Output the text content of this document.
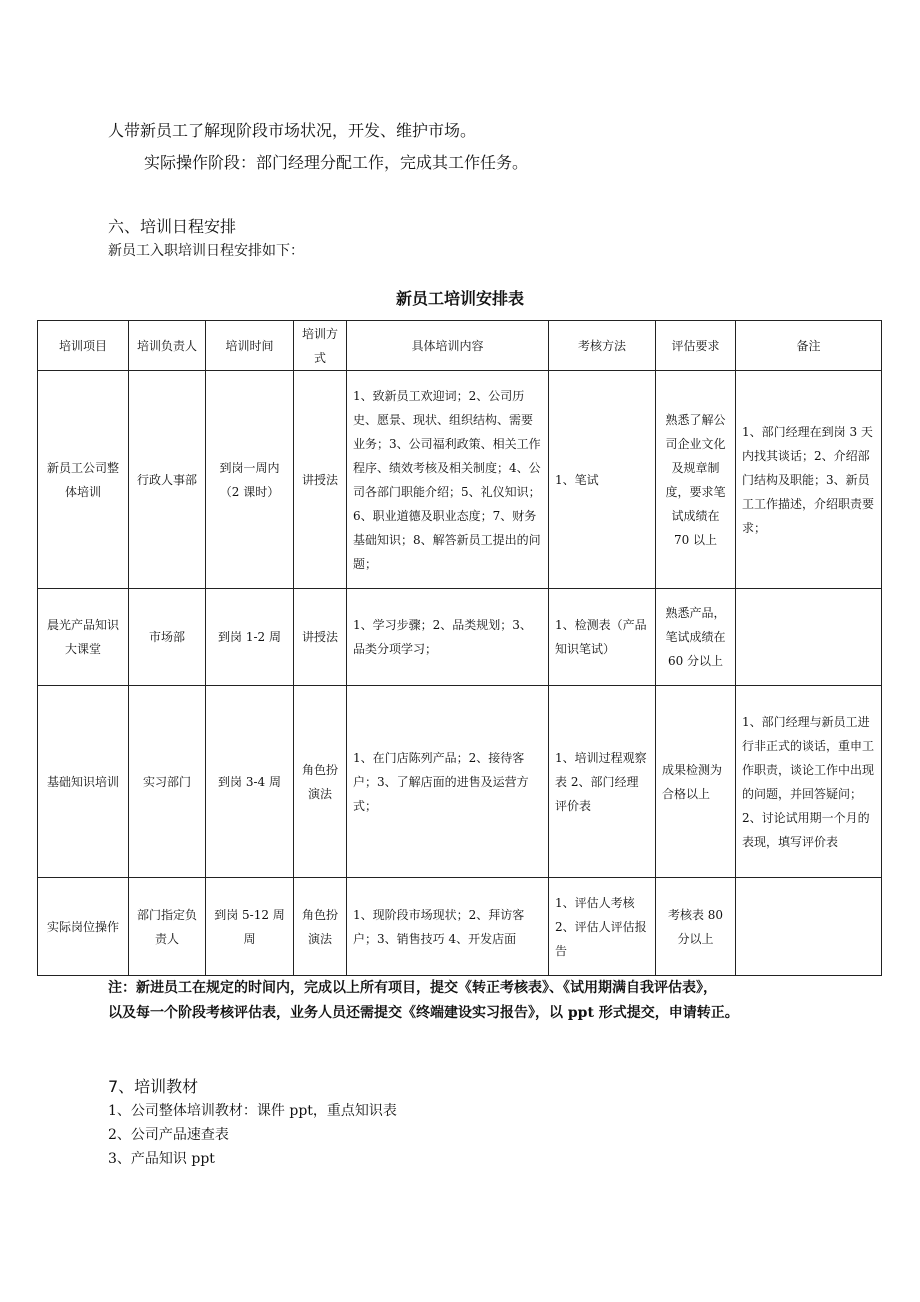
人带新员工了解现阶段市场状况，开发、维护市场。
实际操作阶段：部门经理分配工作，完成其工作任务。
六、培训日程安排
新员工入职培训日程安排如下：
新员工培训安排表
培训项目	培训负责人	培训时间	培训方式	具体培训内容	考核方法	评估要求	备注
新员工公司整体培训	行政人事部	到岗一周内（2 课时）	讲授法	1、致新员工欢迎词；2、公司历史、愿景、现状、组织结构、需要业务；3、公司福利政策、相关工作程序、绩效考核及相关制度；4、公司各部门职能介绍；5、礼仪知识；6、职业道德及职业态度；7、财务基础知识；8、解答新员工提出的问题；	1、笔试	熟悉了解公司企业文化及规章制度，要求笔试成绩在 70 以上	1、部门经理在到岗 3 天内找其谈话；2、介绍部门结构及职能；3、新员工工作描述，介绍职责要求；
晨光产品知识大课堂	市场部	到岗 1-2 周	讲授法	1、学习步骤；2、品类规划；3、品类分项学习；	1、检测表（产品知识笔试）	熟悉产品，笔试成绩在 60 分以上	
基础知识培训	实习部门	到岗 3-4 周	角色扮演法	1、在门店陈列产品；2、接待客户；3、了解店面的进售及运营方式；	1、培训过程观察表 2、部门经理评价表	成果检测为合格以上	1、部门经理与新员工进行非正式的谈话，重申工作职责，谈论工作中出现的问题，并回答疑问；2、讨论试用期一个月的表现，填写评价表
实际岗位操作	部门指定负责人	到岗 5-12 周周	角色扮演法	1、现阶段市场现状；2、拜访客户；3、销售技巧 4、开发店面	1、评估人考核 2、评估人评估报告	考核表 80 分以上	
注：新进员工在规定的时间内，完成以上所有项目，提交《转正考核表》、《试用期满自我评估表》，
以及每一个阶段考核评估表，业务人员还需提交《终端建设实习报告》，以 ppt 形式提交，申请转正。
7、培训教材
1、公司整体培训教材：课件 ppt，重点知识表
2、公司产品速查表
3、产品知识 ppt
